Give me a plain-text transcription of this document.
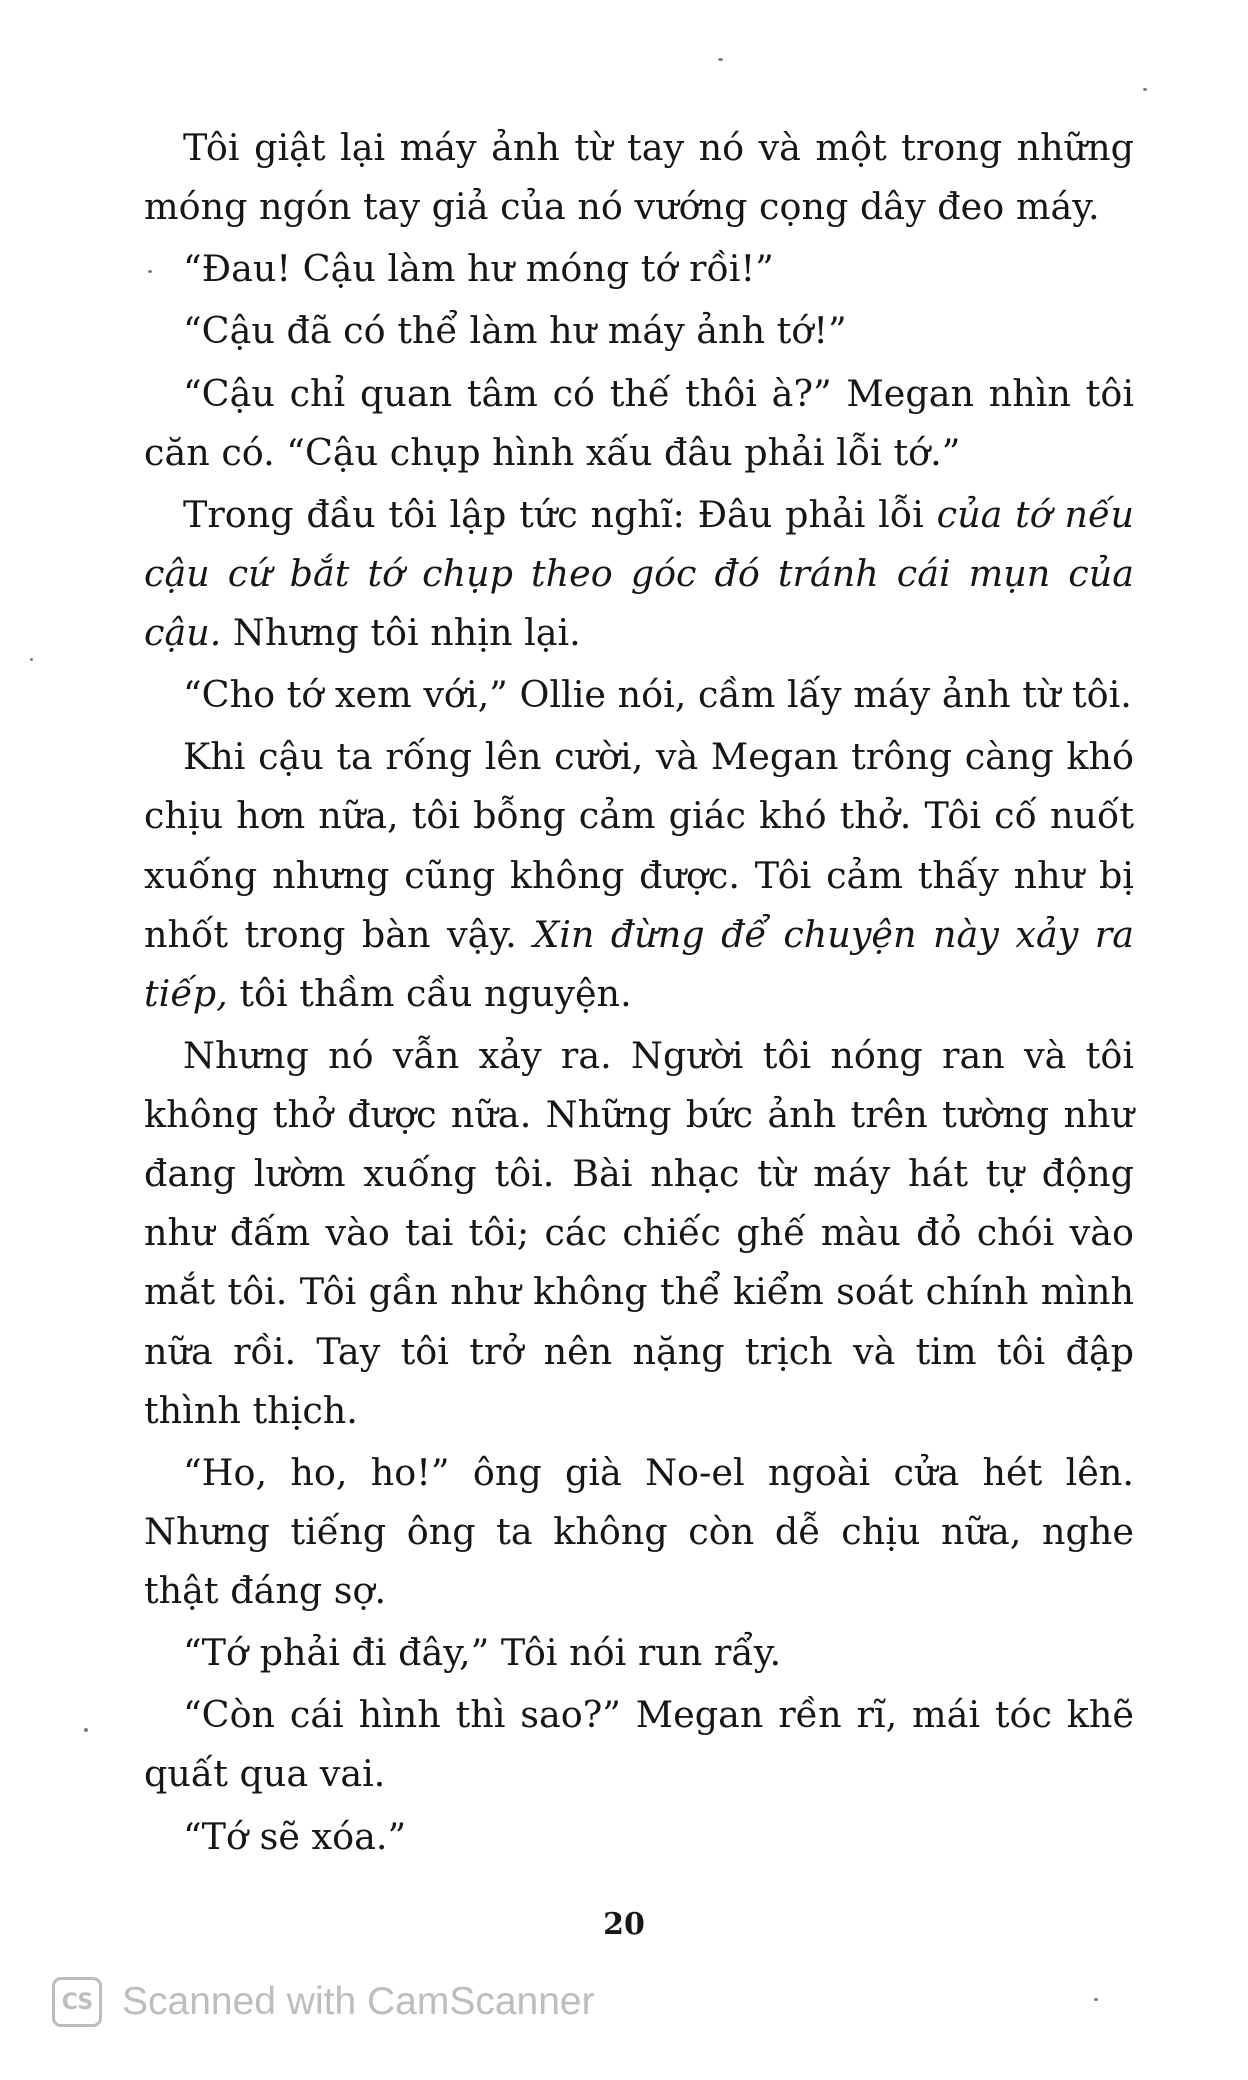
Tôi giật lại máy ảnh từ tay nó và một trong những móng ngón tay giả của nó vướng cọng dây đeo máy.

“Đau! Cậu làm hư móng tớ rồi!”

“Cậu đã có thể làm hư máy ảnh tớ!”

“Cậu chỉ quan tâm có thế thôi à?” Megan nhìn tôi căn có. “Cậu chụp hình xấu đâu phải lỗi tớ.”

Trong đầu tôi lập tức nghĩ: Đâu phải lỗi của tớ nếu cậu cứ bắt tớ chụp theo góc đó tránh cái mụn của cậu. Nhưng tôi nhịn lại.

“Cho tớ xem với,” Ollie nói, cầm lấy máy ảnh từ tôi.

Khi cậu ta rống lên cười, và Megan trông càng khó chịu hơn nữa, tôi bỗng cảm giác khó thở. Tôi cố nuốt xuống nhưng cũng không được. Tôi cảm thấy như bị nhốt trong bàn vậy. Xin đừng để chuyện này xảy ra tiếp, tôi thầm cầu nguyện.

Nhưng nó vẫn xảy ra. Người tôi nóng ran và tôi không thở được nữa. Những bức ảnh trên tường như đang lườm xuống tôi. Bài nhạc từ máy hát tự động như đấm vào tai tôi; các chiếc ghế màu đỏ chói vào mắt tôi. Tôi gần như không thể kiểm soát chính mình nữa rồi. Tay tôi trở nên nặng trịch và tim tôi đập thình thịch.

“Ho, ho, ho!” ông già No-el ngoài cửa hét lên. Nhưng tiếng ông ta không còn dễ chịu nữa, nghe thật đáng sợ.

“Tớ phải đi đây,” Tôi nói run rẩy.

“Còn cái hình thì sao?” Megan rền rĩ, mái tóc khẽ quất qua vai.

“Tớ sẽ xóa.”

20
CS Scanned with CamScanner
